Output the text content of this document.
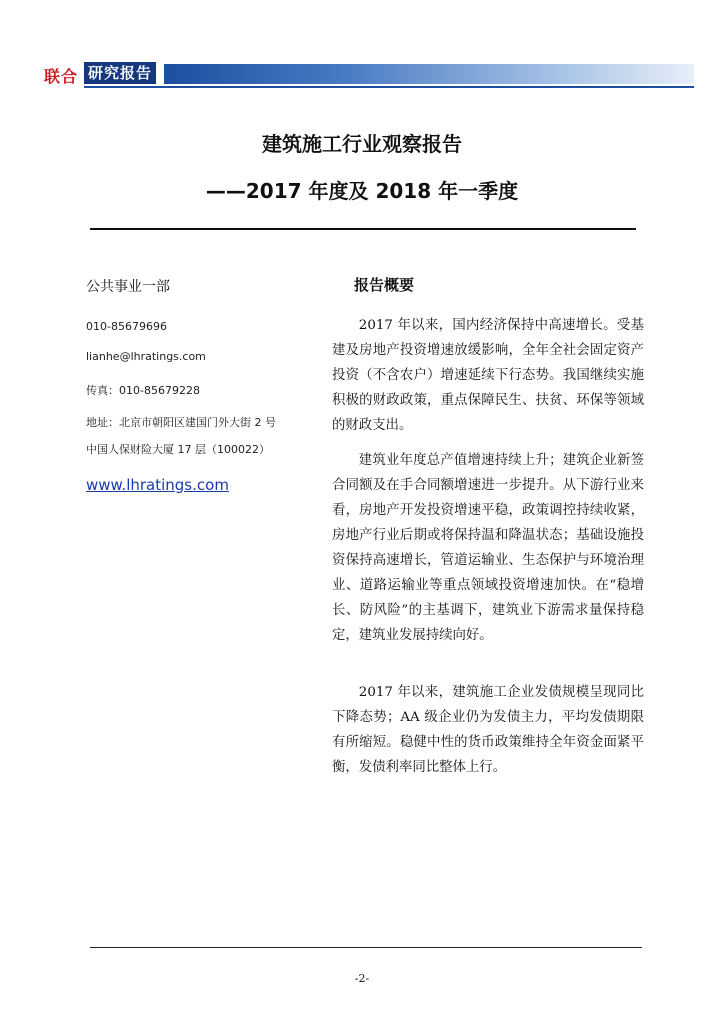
联合 研究报告
建筑施工行业观察报告
——2017 年度及 2018 年一季度
公共事业一部
010-85679696
lianhe@lhratings.com
传真：010-85679228
地址：北京市朝阳区建国门外大街 2 号
中国人保财险大厦 17 层（100022）
www.lhratings.com
报告概要

2017 年以来，国内经济保持中高速增长。受基建及房地产投资增速放缓影响，全年全社会固定资产投资（不含农户）增速延续下行态势。我国继续实施积极的财政政策，重点保障民生、扶贫、环保等领域的财政支出。

建筑业年度总产值增速持续上升；建筑企业新签合同额及在手合同额增速进一步提升。从下游行业来看，房地产开发投资增速平稳，政策调控持续收紧，房地产行业后期或将保持温和降温状态；基础设施投资保持高速增长，管道运输业、生态保护与环境治理业、道路运输业等重点领域投资增速加快。在“稳增长、防风险”的主基调下，建筑业下游需求量保持稳定，建筑业发展持续向好。

2017 年以来，建筑施工企业发债规模呈现同比下降态势；AA 级企业仍为发债主力，平均发债期限有所缩短。稳健中性的货币政策维持全年资金面紧平衡，发债利率同比整体上行。

-2-
